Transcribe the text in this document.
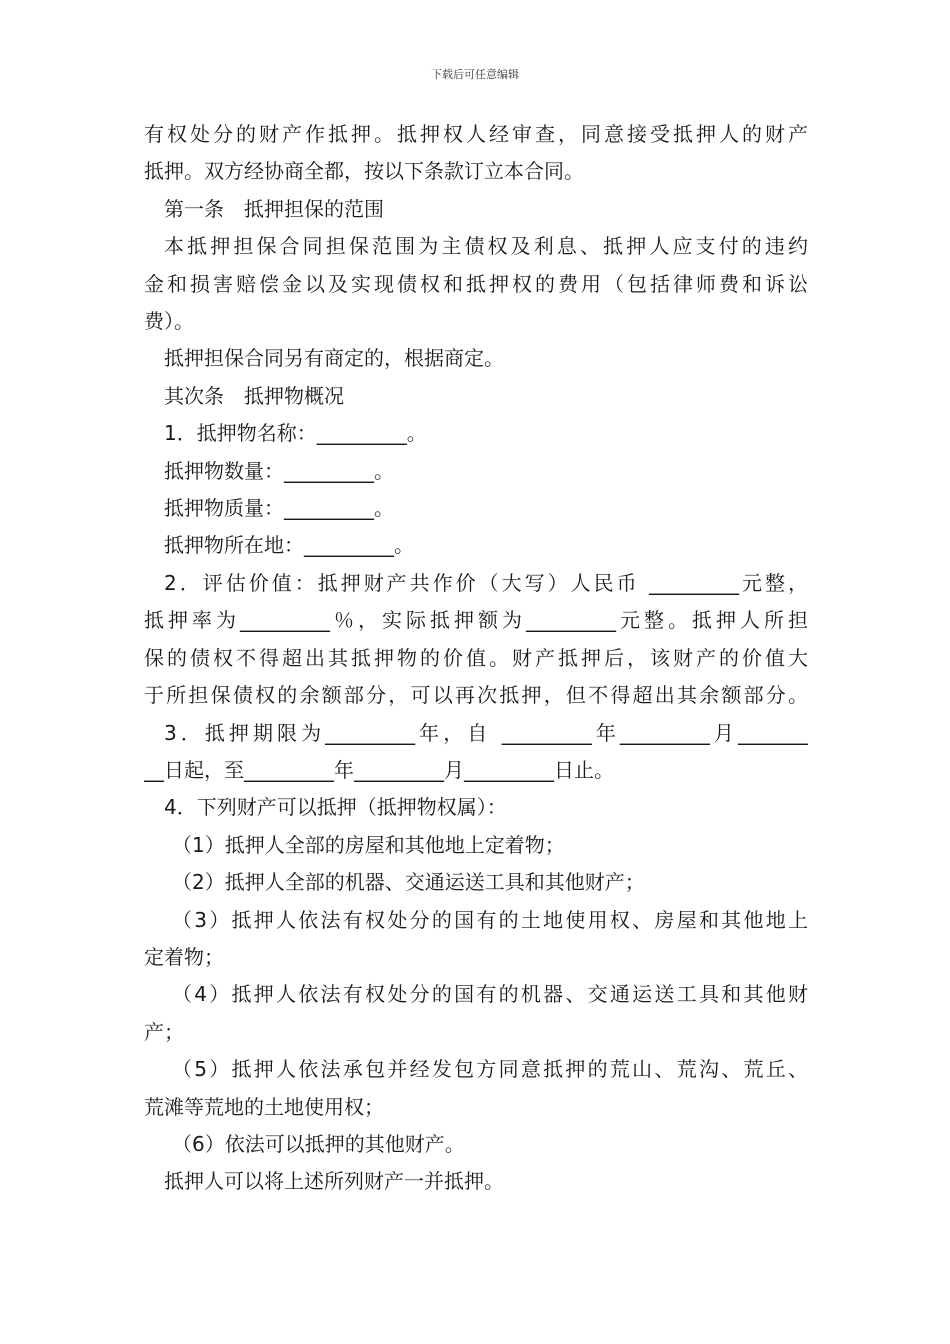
下载后可任意编辑

有权处分的财产作抵押。抵押权人经审查，同意接受抵押人的财产

抵押。双方经协商全都，按以下条款订立本合同。

第一条　抵押担保的范围

本抵押担保合同担保范围为主债权及利息、抵押人应支付的违约

金和损害赔偿金以及实现债权和抵押权的费用（包括律师费和诉讼

费）。

抵押担保合同另有商定的，根据商定。

其次条　抵押物概况

1．抵押物名称：_________。

抵押物数量：_________。

抵押物质量：_________。

抵押物所在地：_________。

2．评估价值：抵押财产共作价（大写）人民币 _________元整，

抵押率为_________％，实际抵押额为_________元整。抵押人所担

保的债权不得超出其抵押物的价值。财产抵押后，该财产的价值大

于所担保债权的余额部分，可以再次抵押，但不得超出其余额部分。

3．抵押期限为_________年，自 _________年_________月_______

__日起，至_________年_________月_________日止。

4．下列财产可以抵押（抵押物权属）：

（1）抵押人全部的房屋和其他地上定着物；

（2）抵押人全部的机器、交通运送工具和其他财产；

（3）抵押人依法有权处分的国有的土地使用权、房屋和其他地上

定着物；

（4）抵押人依法有权处分的国有的机器、交通运送工具和其他财

产；

（5）抵押人依法承包并经发包方同意抵押的荒山、荒沟、荒丘、

荒滩等荒地的土地使用权；

（6）依法可以抵押的其他财产。

抵押人可以将上述所列财产一并抵押。
